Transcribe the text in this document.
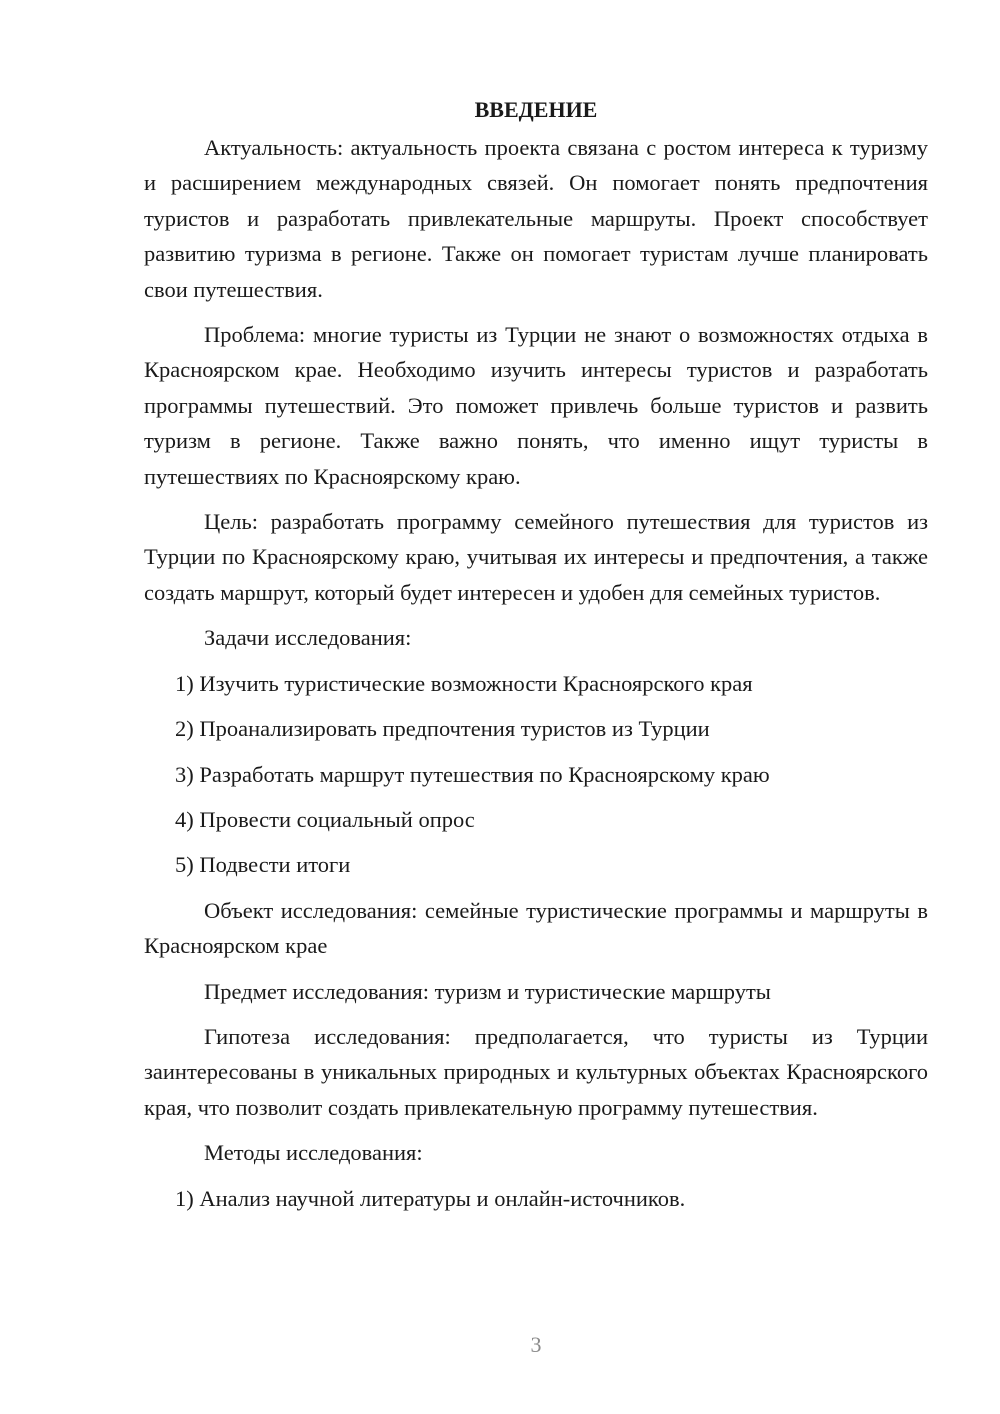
ВВЕДЕНИЕ

Актуальность: актуальность проекта связана с ростом интереса к туризму и расширением международных связей. Он помогает понять предпочтения туристов и разработать привлекательные маршруты. Проект способствует развитию туризма в регионе. Также он помогает туристам лучше планировать свои путешествия.

Проблема: многие туристы из Турции не знают о возможностях отдыха в Красноярском крае. Необходимо изучить интересы туристов и разработать программы путешествий. Это поможет привлечь больше туристов и развить туризм в регионе. Также важно понять, что именно ищут туристы в путешествиях по Красноярскому краю.

Цель: разработать программу семейного путешествия для туристов из Турции по Красноярскому краю, учитывая их интересы и предпочтения, а также создать маршрут, который будет интересен и удобен для семейных туристов.

Задачи исследования:

1) Изучить туристические возможности Красноярского края

2) Проанализировать предпочтения туристов из Турции

3) Разработать маршрут путешествия по Красноярскому краю

4) Провести социальный опрос

5) Подвести итоги

Объект исследования: семейные туристические программы и маршруты в Красноярском крае

Предмет исследования: туризм и туристические маршруты

Гипотеза исследования: предполагается, что туристы из Турции заинтересованы в уникальных природных и культурных объектах Красноярского края, что позволит создать привлекательную программу путешествия.

Методы исследования:

1) Анализ научной литературы и онлайн-источников.

3
